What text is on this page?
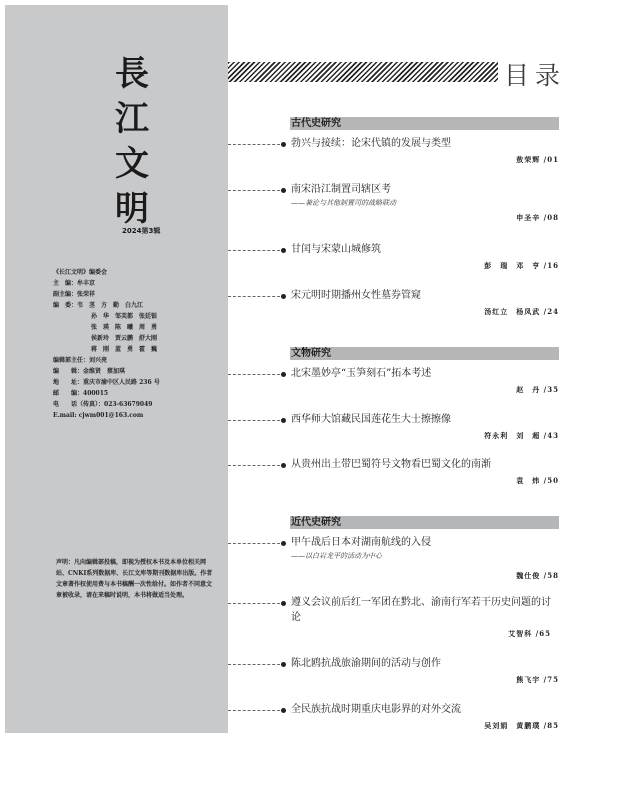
長
江
文
明
2024第3辑
《长江文明》编委会
主　编：牟丰京
副主编：张荣祥
编　委：韦　茎　方　勤　白九江
孙　华　邹芙都　张廷银
张　瑛　陈　曦　周　勇
侯新玲　贾云鹏　舒大刚
蒋　刚　蓝　勇　霍　巍
编辑部主任：刘兴亮
编　　辑：金维贤　蔡加琪
地　　址：重庆市渝中区人民路 236 号
邮　　编：400015
电　　话（传真）：023-63679049
E.mail: cjwm001@163.com
声明：凡向编辑部投稿，即视为授权本书及本单位相关网站、CNKI系列数据库、长江文库等期刊数据库出版。作者文章著作权使用费与本书稿酬一次性给付。如作者不同意文章被收录，请在来稿时说明，本书将做适当处理。
目录
古代史研究
勃兴与接续：论宋代镇的发展与类型
敖荣辉 /01
南宋沿江制置司辖区考
——兼论与其他制置司的战略联动
申圣辛 /08
甘闰与宋蒙山城修筑
彭　瑞　邓　亨 /16
宋元明时期播州女性墓券管窥
汤红立　杨凤武 /24
文物研究
北宋墨妙亭“玉笋刻石”拓本考述
赵　丹 /35
西华师大馆藏民国莲花生大士擦擦像
符永利　刘　超 /43
从贵州出土带巴蜀符号文物看巴蜀文化的南渐
袁　炜 /50
近代史研究
甲午战后日本对湖南航线的入侵
——以白岩龙平的活动为中心
魏仕俊 /58
遵义会议前后红一军团在黔北、渝南行军若干历史问题的讨论
艾智科 /65
陈北鸥抗战旅渝期间的活动与创作
熊飞宇 /75
全民族抗战时期重庆电影界的对外交流
吴刘娟　黄鹏璞 /85
